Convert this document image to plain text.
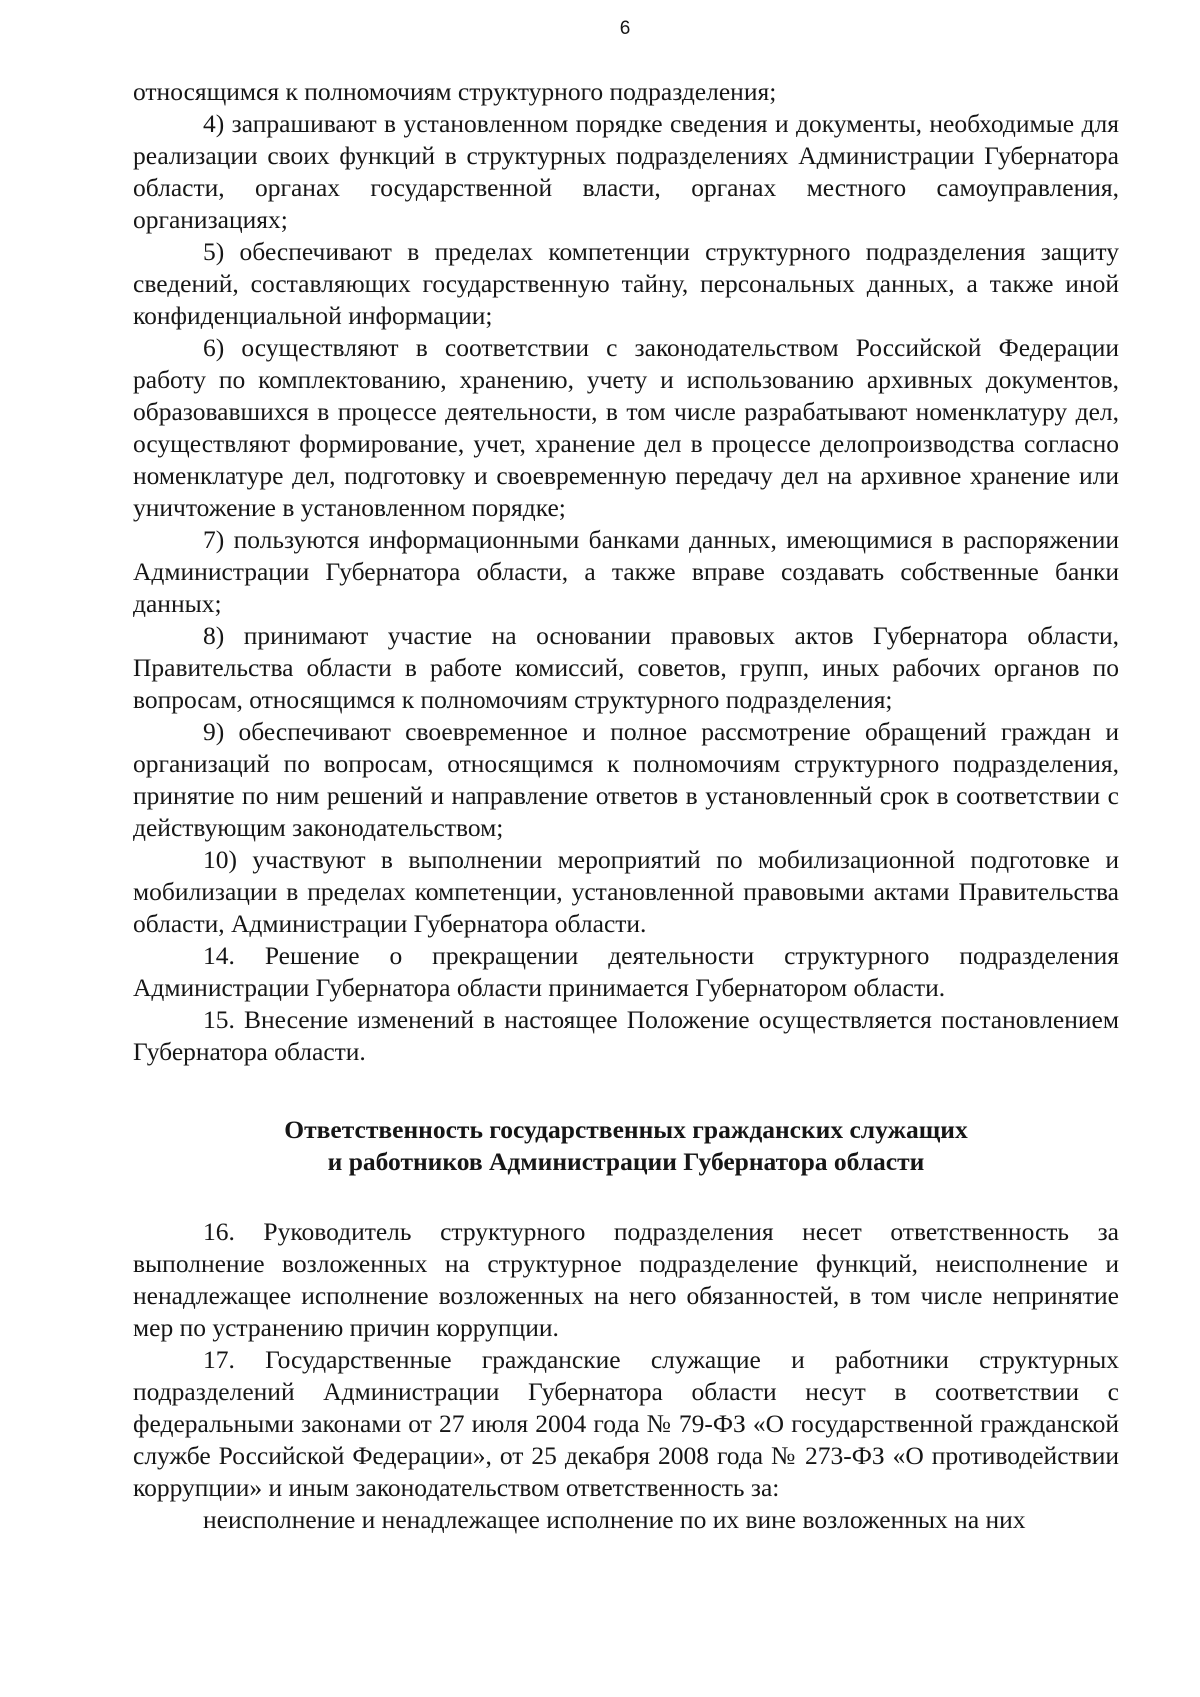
6

относящимся к полномочиям структурного подразделения;

4) запрашивают в установленном порядке сведения и документы, необходимые для реализации своих функций в структурных подразделениях Администрации Губернатора области, органах государственной власти, органах местного самоуправления, организациях;

5) обеспечивают в пределах компетенции структурного подразделения защиту сведений, составляющих государственную тайну, персональных данных, а также иной конфиденциальной информации;

6) осуществляют в соответствии с законодательством Российской Федерации работу по комплектованию, хранению, учету и использованию архивных документов, образовавшихся в процессе деятельности, в том числе разрабатывают номенклатуру дел, осуществляют формирование, учет, хранение дел в процессе делопроизводства согласно номенклатуре дел, подготовку и своевременную передачу дел на архивное хранение или уничтожение в установленном порядке;

7) пользуются информационными банками данных, имеющимися в распоряжении Администрации Губернатора области, а также вправе создавать собственные банки данных;

8) принимают участие на основании правовых актов Губернатора области, Правительства области в работе комиссий, советов, групп, иных рабочих органов по вопросам, относящимся к полномочиям структурного подразделения;

9) обеспечивают своевременное и полное рассмотрение обращений граждан и организаций по вопросам, относящимся к полномочиям структурного подразделения, принятие по ним решений и направление ответов в установленный срок в соответствии с действующим законодательством;

10) участвуют в выполнении мероприятий по мобилизационной подготовке и мобилизации в пределах компетенции, установленной правовыми актами Правительства области, Администрации Губернатора области.

14. Решение о прекращении деятельности структурного подразделения Администрации Губернатора области принимается Губернатором области.

15. Внесение изменений в настоящее Положение осуществляется постановлением Губернатора области.

Ответственность государственных гражданских служащих
и работников Администрации Губернатора области

16. Руководитель структурного подразделения несет ответственность за выполнение возложенных на структурное подразделение функций, неисполнение и ненадлежащее исполнение возложенных на него обязанностей, в том числе непринятие мер по устранению причин коррупции.

17. Государственные гражданские служащие и работники структурных подразделений Администрации Губернатора области несут в соответствии с федеральными законами от 27 июля 2004 года № 79-ФЗ «О государственной гражданской службе Российской Федерации», от 25 декабря 2008 года № 273-ФЗ «О противодействии коррупции» и иным законодательством ответственность за:

неисполнение и ненадлежащее исполнение по их вине возложенных на них
